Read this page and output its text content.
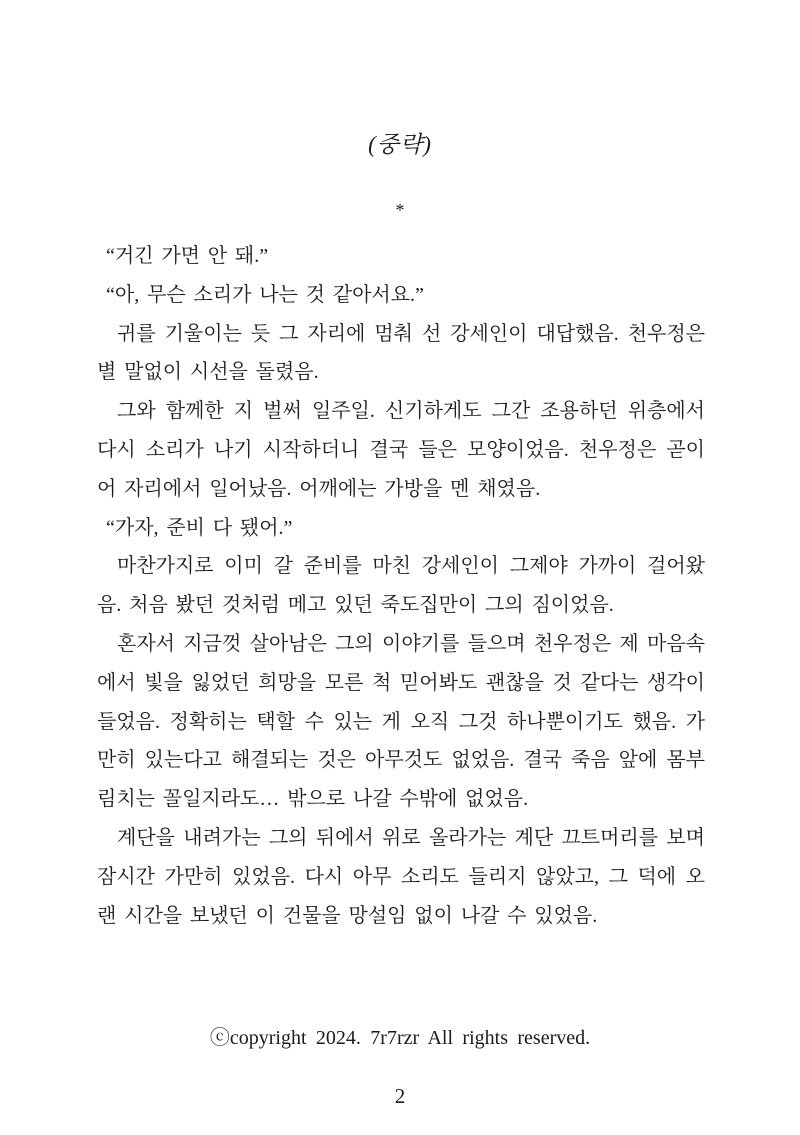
(중략)
*

“거긴 가면 안 돼.”

“아, 무슨 소리가 나는 것 같아서요.”

귀를 기울이는 듯 그 자리에 멈춰 선 강세인이 대답했음. 천우정은 별 말없이 시선을 돌렸음.

그와 함께한 지 벌써 일주일. 신기하게도 그간 조용하던 위층에서 다시 소리가 나기 시작하더니 결국 들은 모양이었음. 천우정은 곧이어 자리에서 일어났음. 어깨에는 가방을 멘 채였음.

“가자, 준비 다 됐어.”

마찬가지로 이미 갈 준비를 마친 강세인이 그제야 가까이 걸어왔음. 처음 봤던 것처럼 메고 있던 죽도집만이 그의 짐이었음.

혼자서 지금껏 살아남은 그의 이야기를 들으며 천우정은 제 마음속에서 빛을 잃었던 희망을 모른 척 믿어봐도 괜찮을 것 같다는 생각이 들었음. 정확히는 택할 수 있는 게 오직 그것 하나뿐이기도 했음. 가만히 있는다고 해결되는 것은 아무것도 없었음. 결국 죽음 앞에 몸부림치는 꼴일지라도… 밖으로 나갈 수밖에 없었음.

계단을 내려가는 그의 뒤에서 위로 올라가는 계단 끄트머리를 보며 잠시간 가만히 있었음. 다시 아무 소리도 들리지 않았고, 그 덕에 오랜 시간을 보냈던 이 건물을 망설임 없이 나갈 수 있었음.

ⓒcopyright 2024. 7r7rzr All rights reserved.
2
